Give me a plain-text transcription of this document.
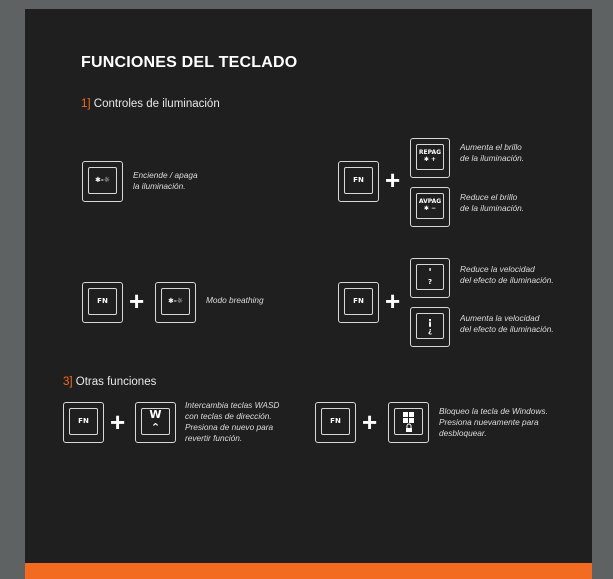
FUNCIONES DEL TECLADO
1] Controles de iluminación
✱-☼	Enciende / apaga
la iluminación.
FN +
REPAG
✱ +
Aumenta el brillo
de la iluminación.
AVPAG
✱ −
Reduce el brillo
de la iluminación.
FN +	✱-☼	Modo breathing	FN +
'
?
Reduce la velocidad
del efecto de iluminación.
¡
¿
Aumenta la velocidad
del efecto de iluminación.
3] Otras funciones
FN + W
⌃
Intercambia teclas WASD
con teclas de dirección.
Presiona de nuevo para
revertir función.
FN +	Bloqueo la tecla de Windows.
Presiona nuevamente para
desbloquear.
